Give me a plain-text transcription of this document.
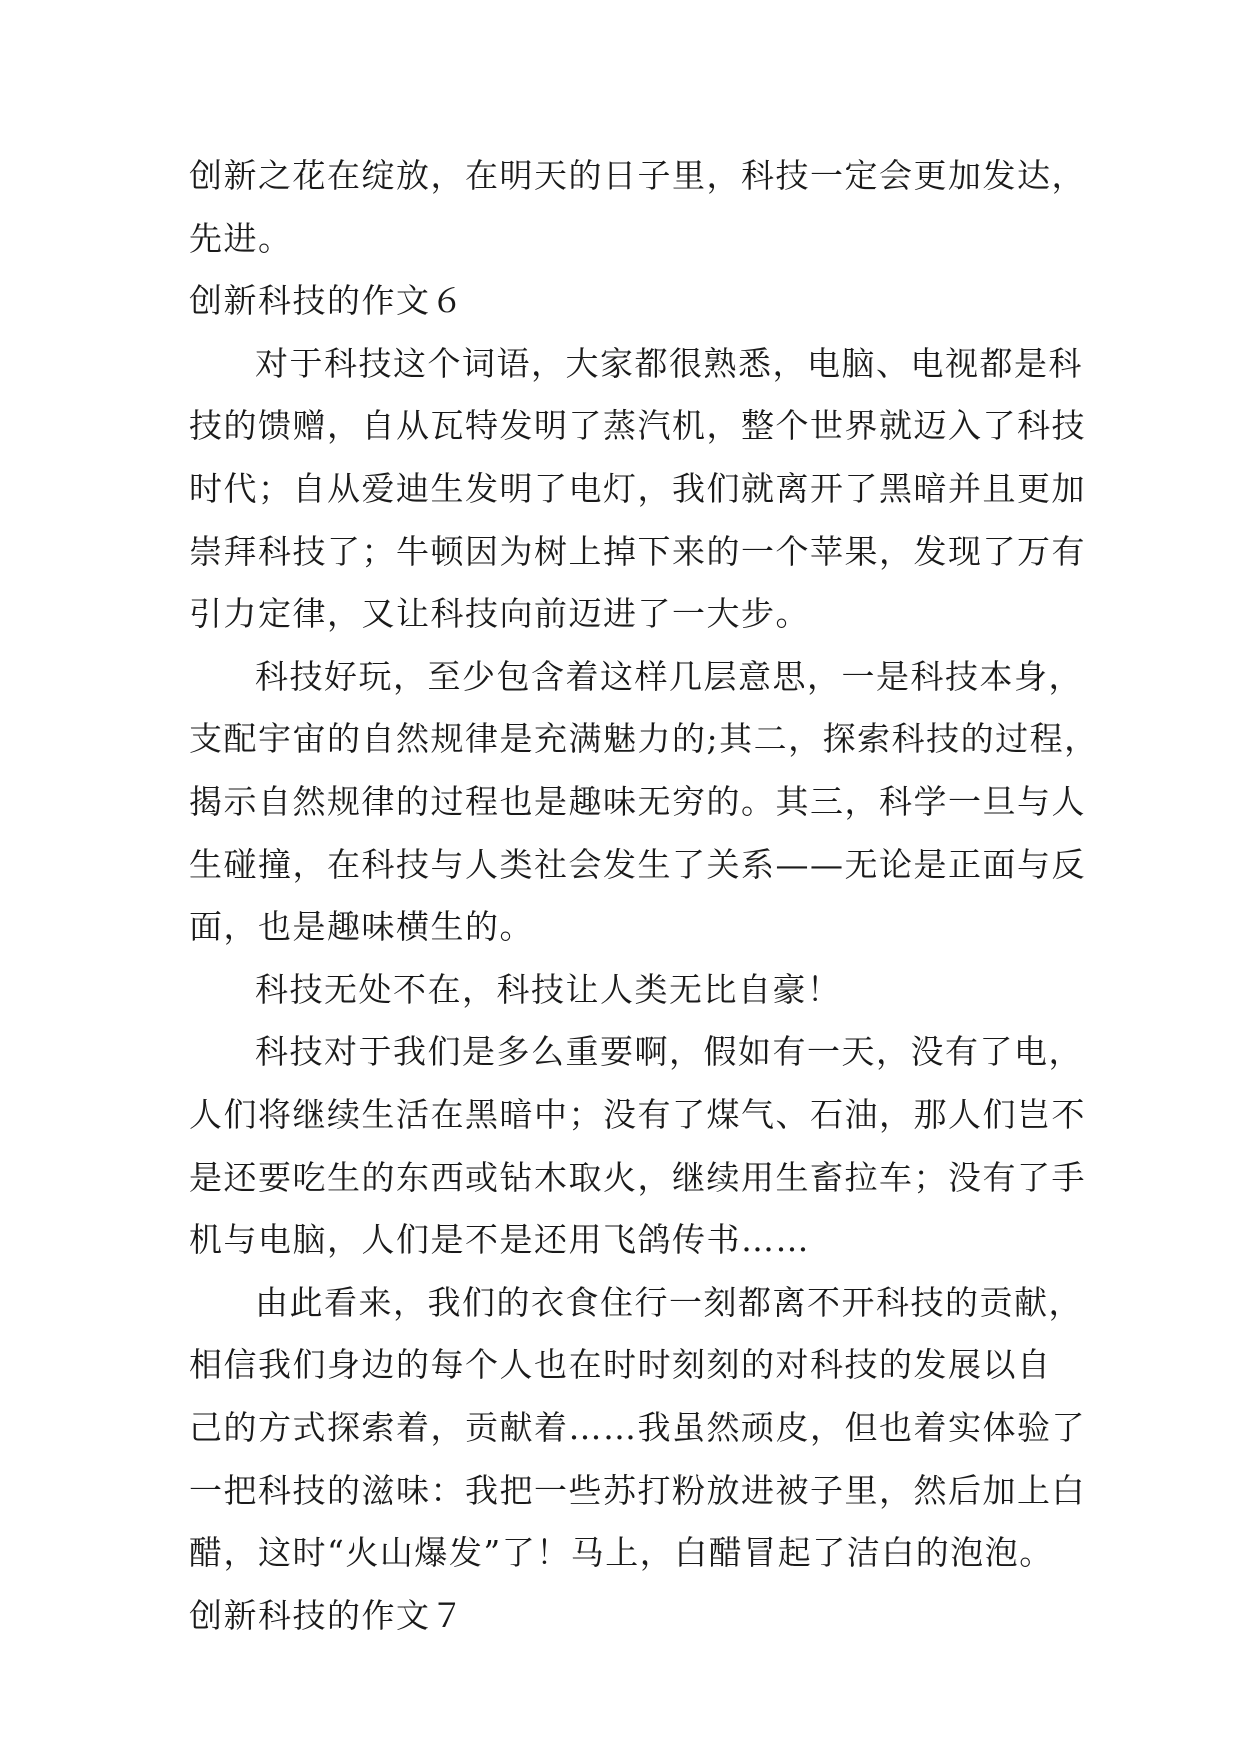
创新之花在绽放，在明天的日子里，科技一定会更加发达，
先进。
创新科技的作文６
对于科技这个词语，大家都很熟悉，电脑、电视都是科
技的馈赠，自从瓦特发明了蒸汽机，整个世界就迈入了科技
时代；自从爱迪生发明了电灯，我们就离开了黑暗并且更加
崇拜科技了；牛顿因为树上掉下来的一个苹果，发现了万有
引力定律，又让科技向前迈进了一大步。
科技好玩，至少包含着这样几层意思，一是科技本身，
支配宇宙的自然规律是充满魅力的;其二，探索科技的过程，
揭示自然规律的过程也是趣味无穷的。其三，科学一旦与人
生碰撞，在科技与人类社会发生了关系——无论是正面与反
面，也是趣味横生的。
科技无处不在，科技让人类无比自豪！
科技对于我们是多么重要啊，假如有一天，没有了电，
人们将继续生活在黑暗中；没有了煤气、石油，那人们岂不
是还要吃生的东西或钻木取火，继续用生畜拉车；没有了手
机与电脑，人们是不是还用飞鸽传书……
由此看来，我们的衣食住行一刻都离不开科技的贡献，
相信我们身边的每个人也在时时刻刻的对科技的发展以自
己的方式探索着，贡献着……我虽然顽皮，但也着实体验了
一把科技的滋味：我把一些苏打粉放进被子里，然后加上白
醋，这时“火山爆发”了！马上，白醋冒起了洁白的泡泡。
创新科技的作文７
